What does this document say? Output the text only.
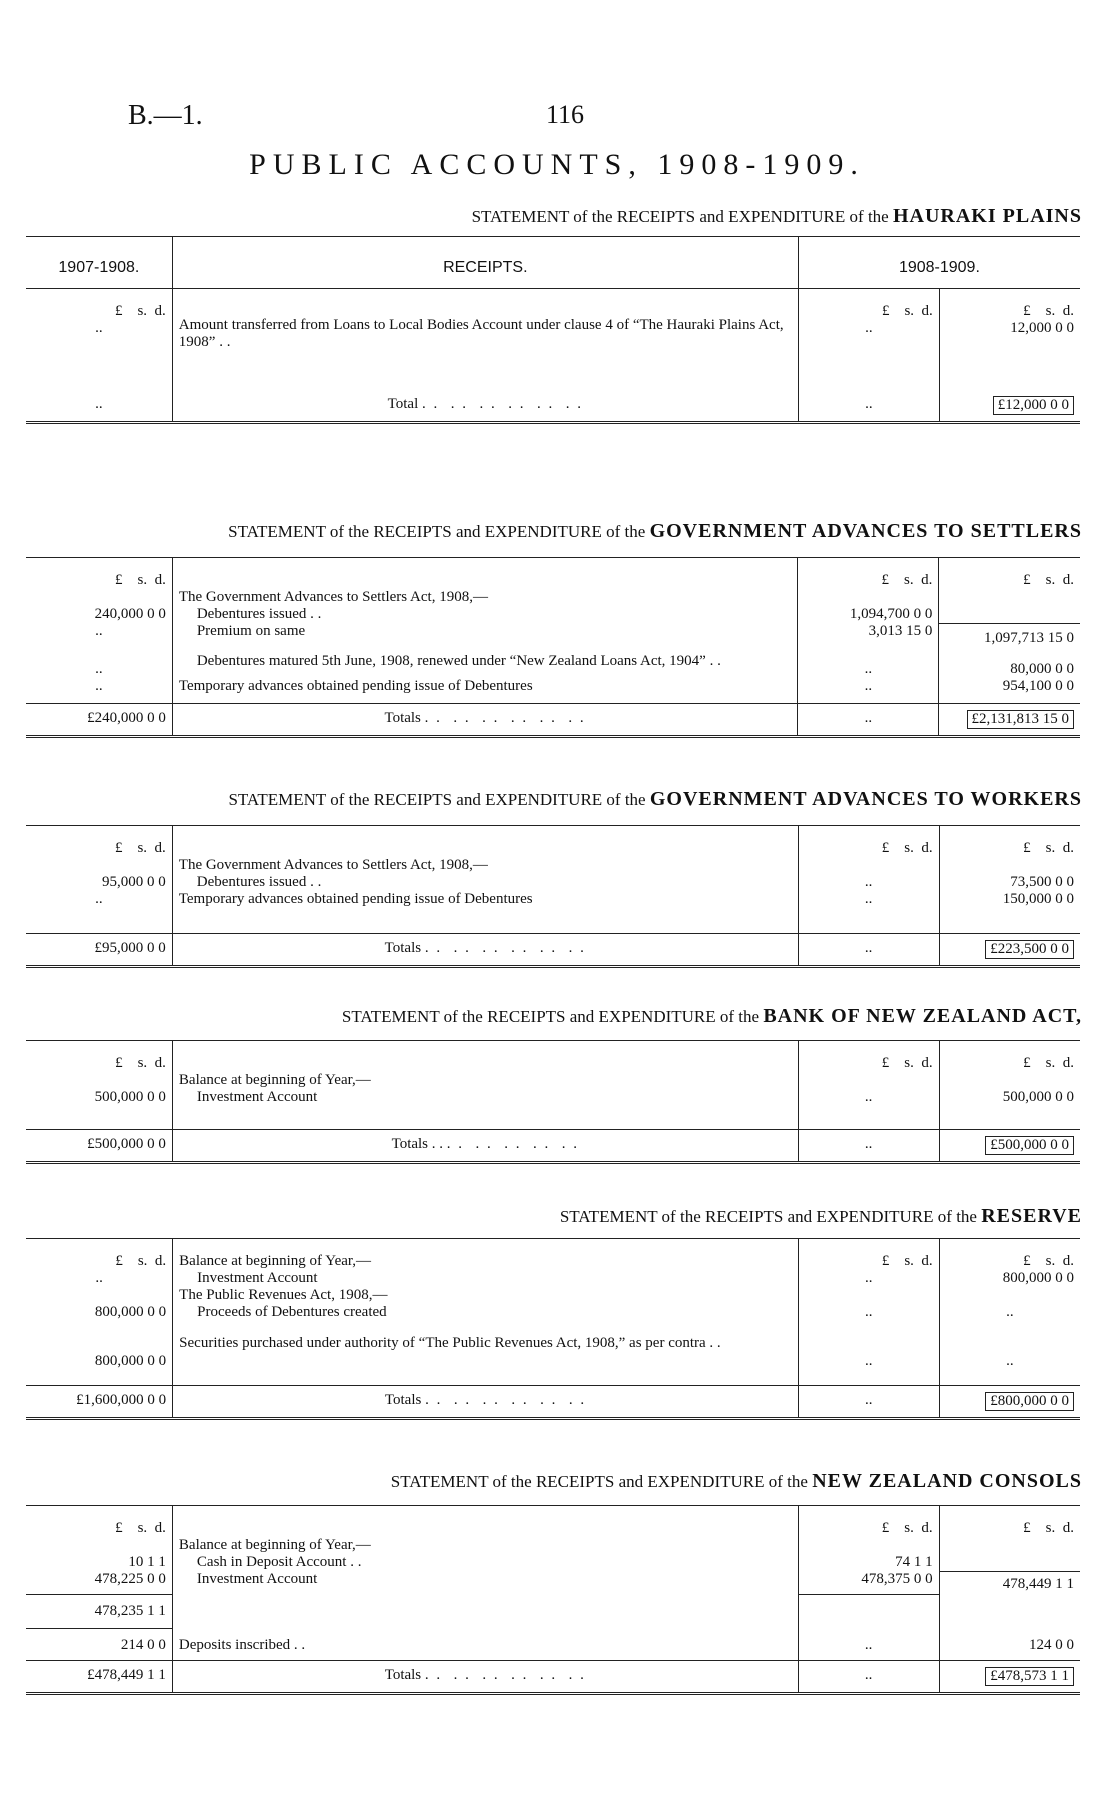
B.—1.	116
PUBLIC ACCOUNTS, 1908-1909.
STATEMENT of the RECEIPTS and EXPENDITURE of the HAURAKI PLAINS
1907-1908.	RECEIPTS.	1908-1909.	
£ s. d.	Amount transferred from Loans to Local Bodies Account under clause 4 of “The Hauraki Plains Act, 1908” . .	£ s. d.	£ s. d.
..		..	12,000 0 0
..	Total . .  . .  . .  . .  . .  . .	..	£12,000 0 0
STATEMENT of the RECEIPTS and EXPENDITURE of the GOVERNMENT ADVANCES TO SETTLERS
£ s. d.		£ s. d.	£ s. d.
	The Government Advances to Settlers Act, 1908,—		
240,000 0 0	Debentures issued . .	1,094,700 0 0	
..	Premium on same	3,013 15 0	1,097,713 15 0
..	Debentures matured 5th June, 1908, renewed under “New Zealand Loans Act, 1904” . .	..	80,000 0 0
..	Temporary advances obtained pending issue of Debentures	..	954,100 0 0
£240,000 0 0	Totals . .  . .  . .  . .  . .  . .	..	£2,131,813 15 0
STATEMENT of the RECEIPTS and EXPENDITURE of the GOVERNMENT ADVANCES TO WORKERS
£ s. d.		£ s. d.	£ s. d.
	The Government Advances to Settlers Act, 1908,—		
95,000 0 0	Debentures issued . .	..	73,500 0 0
..	Temporary advances obtained pending issue of Debentures	..	150,000 0 0
£95,000 0 0	Totals . .  . .  . .  . .  . .  . .	..	£223,500 0 0
STATEMENT of the RECEIPTS and EXPENDITURE of the BANK OF NEW ZEALAND ACT,
£ s. d.		£ s. d.	£ s. d.
	Balance at beginning of Year,—		
500,000 0 0	Investment Account	..	500,000 0 0
£500,000 0 0	Totals . . . .  . .  . .  . .  . .	..	£500,000 0 0
STATEMENT of the RECEIPTS and EXPENDITURE of the RESERVE
£ s. d.	Balance at beginning of Year,—	£ s. d.	£ s. d.
..	Investment Account	..	800,000 0 0
	The Public Revenues Act, 1908,—		
800,000 0 0	Proceeds of Debentures created	..	..
800,000 0 0	Securities purchased under authority of “The Public Revenues Act, 1908,” as per contra . .	..	..
£1,600,000 0 0	Totals . .  . .  . .  . .  . .  . .	..	£800,000 0 0
STATEMENT of the RECEIPTS and EXPENDITURE of the NEW ZEALAND CONSOLS
£ s. d.		£ s. d.	£ s. d.
	Balance at beginning of Year,—		
10 1 1	Cash in Deposit Account . .	74 1 1	
478,225 0 0	Investment Account	478,375 0 0	478,449 1 1
478,235 1 1			
214 0 0	Deposits inscribed . .	..	124 0 0
£478,449 1 1	Totals . .  . .  . .  . .  . .  . .	..	£478,573 1 1
